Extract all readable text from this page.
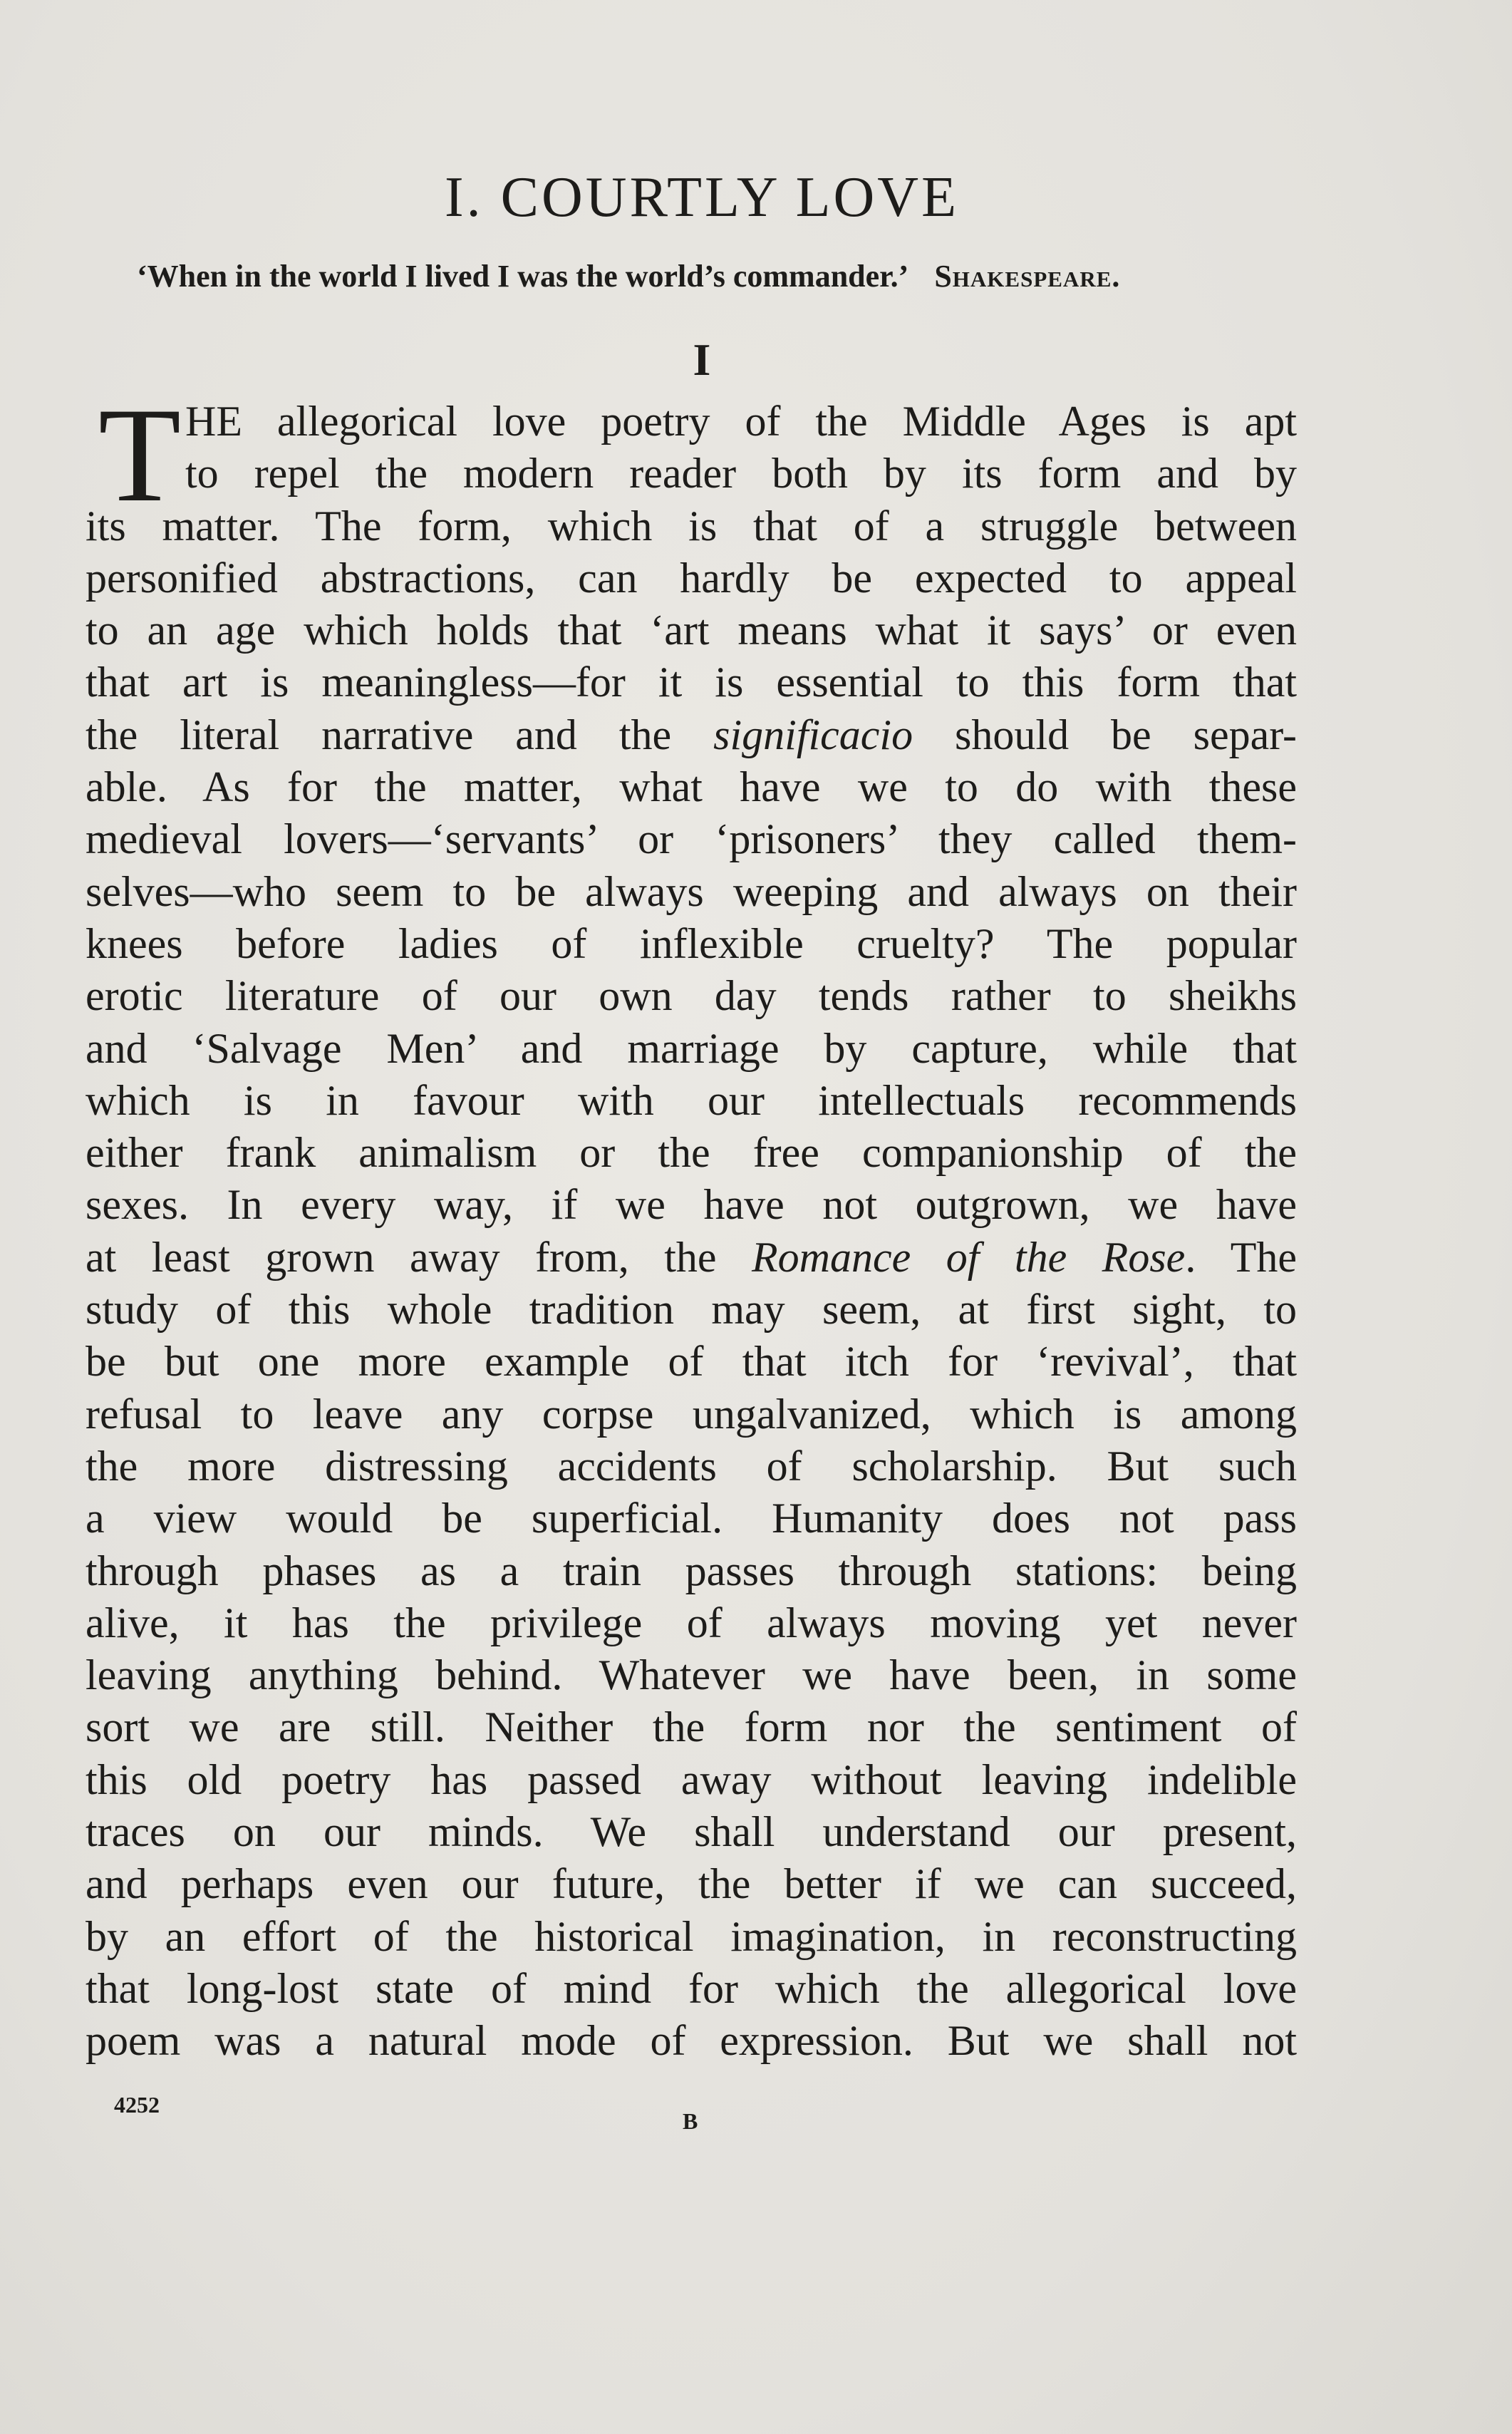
I. COURTLY LOVE
‘When in the world I lived I was the world’s commander.’ Shakespeare.
I
T HE allegorical love poetry of the Middle Ages is apt
to repel the modern reader both by its form and by
its matter. The form, which is that of a struggle between
personified abstractions, can hardly be expected to appeal
to an age which holds that ‘art means what it says’ or even
that art is meaningless—for it is essential to this form that
the literal narrative and the significacio should be separ-
able. As for the matter, what have we to do with these
medieval lovers—‘servants’ or ‘prisoners’ they called them-
selves—who seem to be always weeping and always on their
knees before ladies of inflexible cruelty? The popular
erotic literature of our own day tends rather to sheikhs
and ‘Salvage Men’ and marriage by capture, while that
which is in favour with our intellectuals recommends
either frank animalism or the free companionship of the
sexes. In every way, if we have not outgrown, we have
at least grown away from, the Romance of the Rose. The
study of this whole tradition may seem, at first sight, to
be but one more example of that itch for ‘revival’, that
refusal to leave any corpse ungalvanized, which is among
the more distressing accidents of scholarship. But such
a view would be superficial. Humanity does not pass
through phases as a train passes through stations: being
alive, it has the privilege of always moving yet never
leaving anything behind. Whatever we have been, in some
sort we are still. Neither the form nor the sentiment of
this old poetry has passed away without leaving indelible
traces on our minds. We shall understand our present,
and perhaps even our future, the better if we can succeed,
by an effort of the historical imagination, in reconstructing
that long-lost state of mind for which the allegorical love
poem was a natural mode of expression. But we shall not
4252
B
